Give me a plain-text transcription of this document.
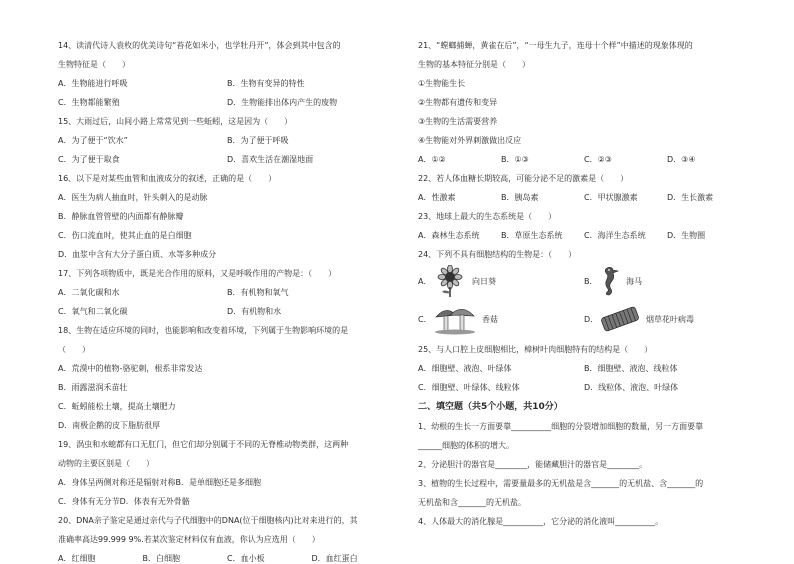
14、读清代诗人袁枚的优美诗句“苔花如米小，也学牡丹开”，体会到其中包含的
生物特征是（　　）
A．生物能进行呼吸	B．生物有变异的特性
C．生物都能繁殖	D．生物能排出体内产生的废物
15、大雨过后，山间小路上常常见到一些蚯蚓，这是因为（　　）
A．为了便于“饮水”	B．为了便于呼吸
C．为了便于取食	D．喜欢生活在潮湿地面
16、以下是对某些血管和血液成分的叙述，正确的是（　　）
A．医生为病人抽血时，针头刺入的是动脉
B．静脉血管管壁的内面都有静脉瓣
C．伤口流血时，使其止血的是白细胞
D．血浆中含有大分子蛋白质、水等多种成分
17、下列各项物质中，既是光合作用的原料，又是呼吸作用的产物是：（　　）
A．二氧化碳和水	B．有机物和氧气
C．氧气和二氧化碳	D．有机物和水
18、生物在适应环境的同时，也能影响和改变着环境，下列属于生物影响环境的是
（　　）
A．荒漠中的植物-骆驼刺，根系非常发达
B．雨露滋润禾苗壮
C．蚯蚓能松土壤，提高土壤肥力
D．南极企鹅的皮下脂肪很厚
19、涡虫和水螅都有口无肛门，但它们却分别属于不同的无脊椎动物类群，这两种
动物的主要区别是（　　）
A．身体呈两侧对称还是辐射对称B．是单细胞还是多细胞
C．身体有无分节D．体表有无外骨骼
20、DNA亲子鉴定是通过亲代与子代细胞中的DNA(位于细胞核内)比对来进行的，其
准确率高达99.999 9%.若某次鉴定材料仅有血液，你认为应选用（　　）
A．红细胞	B．白细胞	C．血小板	D．血红蛋白
21、“螳螂捕蝉，黄雀在后”，“一母生九子，连母十个样”中描述的现象体现的
生物的基本特征分别是（　　）
①生物能生长
②生物都有遗传和变异
③生物的生活需要营养
④生物能对外界刺激做出反应
A．①②	B．①③	C．②③	D．③④
22、若人体血糖长期较高，可能分泌不足的激素是（　　）
A．性激素	B．胰岛素	C．甲状腺激素	D．生长激素
23、地球上最大的生态系统是（　　）
A．森林生态系统	B．草原生态系统	C．海洋生态系统	D．生物圈
24、下列不具有细胞结构的生物是：（　　）
A．	向日葵	B．	海马
C．	香菇	D．	烟草花叶病毒
25、与人口腔上皮细胞相比，樟树叶肉细胞特有的结构是（　　）
A．细胞壁、液泡、叶绿体	B．细胞壁、液泡、线粒体
C．细胞壁、叶绿体、线粒体	D．线粒体、液泡、叶绿体
二、填空题（共5个小题，共10分）
1、幼根的生长一方面要靠__________细胞的分裂增加细胞的数量，另一方面要靠
______细胞的体积的增大。
2、分泌胆汁的器官是________，能储藏胆汁的器官是________。
3、植物的生长过程中，需要量最多的无机盐是含_______的无机盐、含_______的
无机盐和含_______的无机盐。
4、人体最大的消化腺是__________，它分泌的消化液叫__________。
